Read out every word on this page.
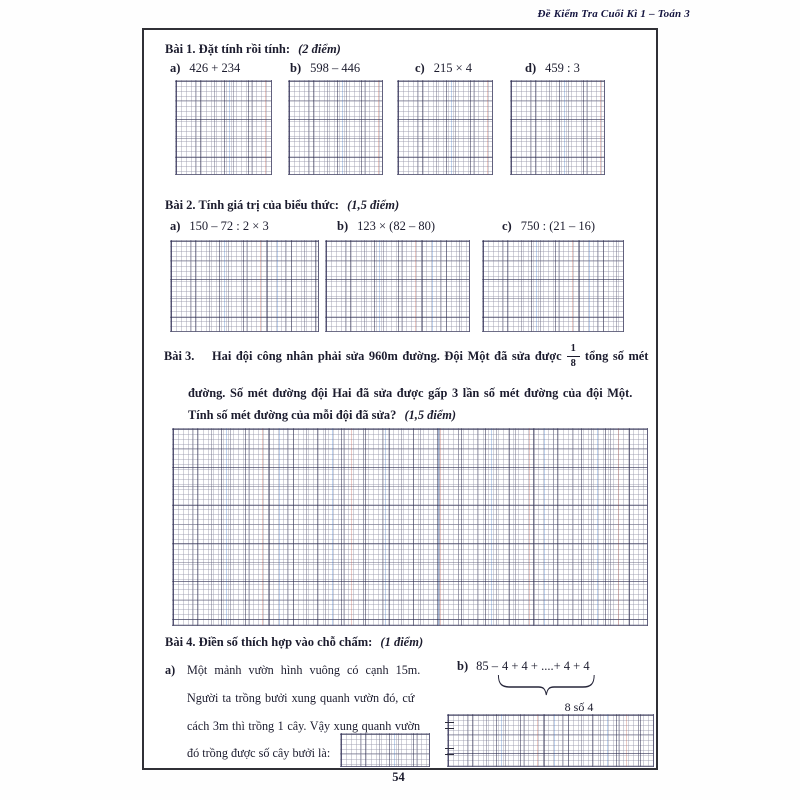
Đề Kiểm Tra Cuối Kì 1 – Toán 3
Bài 1. Đặt tính rồi tính: (2 điểm)
a) 426 + 234	b) 598 – 446	c) 215 × 4	d) 459 : 3
Bài 2. Tính giá trị của biểu thức: (1,5 điểm)
a) 150 – 72 : 2 × 3	b) 123 × (82 – 80)	c) 750 : (21 – 16)
Bài 3. Hai đội công nhân phải sửa 960m đường. Đội Một đã sửa được $\frac{1}{8}$ tổng số mét
đường. Số mét đường đội Hai đã sửa được gấp 3 lần số mét đường của đội Một.
Tính số mét đường của mỗi đội đã sửa? (1,5 điểm)
Bài 4. Điền số thích hợp vào chỗ chấm: (1 điểm)
a) Một mảnh vườn hình vuông có cạnh 15m.
Người ta trồng bưởi xung quanh vườn đó, cứ
cách 3m thì trồng 1 cây. Vậy xung quanh vườn
đó trồng được số cây bưởi là:
b) 85 – 4 + 4 + ....+ 4 + 4
8 số 4
54
